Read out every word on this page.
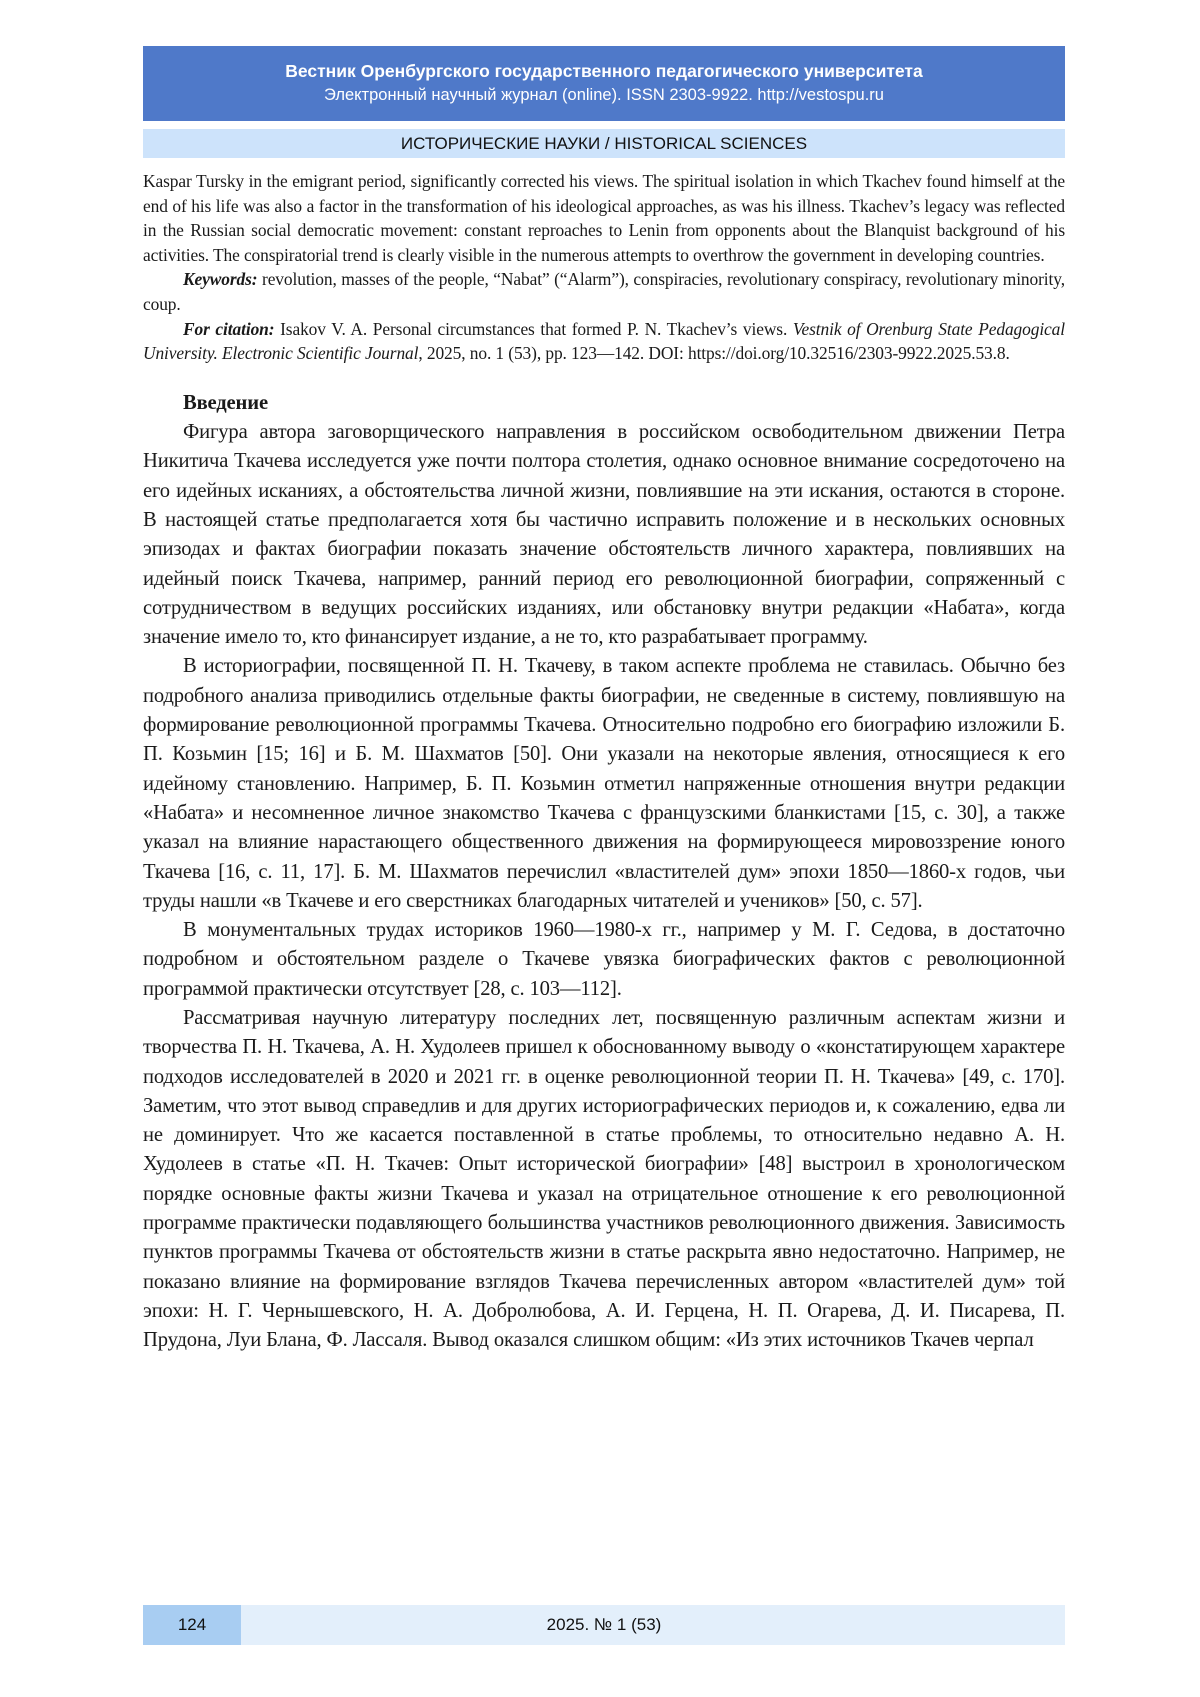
Вестник Оренбургского государственного педагогического университета
Электронный научный журнал (online). ISSN 2303-9922. http://vestospu.ru
ИСТОРИЧЕСКИЕ НАУКИ / HISTORICAL SCIENCES

Kaspar Tursky in the emigrant period, significantly corrected his views. The spiritual isolation in which Tkachev found himself at the end of his life was also a factor in the transformation of his ideological approaches, as was his illness. Tkachev’s legacy was reflected in the Russian social democratic movement: constant reproaches to Lenin from opponents about the Blanquist background of his activities. The conspiratorial trend is clearly visible in the numerous attempts to overthrow the government in developing countries.

Keywords: revolution, masses of the people, “Nabat” (“Alarm”), conspiracies, revolutionary conspiracy, revolutionary minority, coup.

For citation: Isakov V. A. Personal circumstances that formed P. N. Tkachev’s views. Vestnik of Orenburg State Pedagogical University. Electronic Scientific Journal, 2025, no. 1 (53), pp. 123—142. DOI: https://doi.org/10.32516/2303-9922.2025.53.8.

Введение

Фигура автора заговорщического направления в российском освободительном движении Петра Никитича Ткачева исследуется уже почти полтора столетия, однако основное внимание сосредоточено на его идейных исканиях, а обстоятельства личной жизни, повлиявшие на эти искания, остаются в стороне. В настоящей статье предполагается хотя бы частично исправить положение и в нескольких основных эпизодах и фактах биографии показать значение обстоятельств личного характера, повлиявших на идейный поиск Ткачева, например, ранний период его революционной биографии, сопряженный с сотрудничеством в ведущих российских изданиях, или обстановку внутри редакции «Набата», когда значение имело то, кто финансирует издание, а не то, кто разрабатывает программу.

В историографии, посвященной П. Н. Ткачеву, в таком аспекте проблема не ставилась. Обычно без подробного анализа приводились отдельные факты биографии, не сведенные в систему, повлиявшую на формирование революционной программы Ткачева. Относительно подробно его биографию изложили Б. П. Козьмин [15; 16] и Б. М. Шахматов [50]. Они указали на некоторые явления, относящиеся к его идейному становлению. Например, Б. П. Козьмин отметил напряженные отношения внутри редакции «Набата» и несомненное личное знакомство Ткачева с французскими бланкистами [15, с. 30], а также указал на влияние нарастающего общественного движения на формирующееся мировоззрение юного Ткачева [16, с. 11, 17]. Б. М. Шахматов перечислил «властителей дум» эпохи 1850—1860-х годов, чьи труды нашли «в Ткачеве и его сверстниках благодарных читателей и учеников» [50, с. 57].

В монументальных трудах историков 1960—1980-х гг., например у М. Г. Седова, в достаточно подробном и обстоятельном разделе о Ткачеве увязка биографических фактов с революционной программой практически отсутствует [28, с. 103—112].

Рассматривая научную литературу последних лет, посвященную различным аспектам жизни и творчества П. Н. Ткачева, А. Н. Худолеев пришел к обоснованному выводу о «констатирующем характере подходов исследователей в 2020 и 2021 гг. в оценке революционной теории П. Н. Ткачева» [49, с. 170]. Заметим, что этот вывод справедлив и для других историографических периодов и, к сожалению, едва ли не доминирует. Что же касается поставленной в статье проблемы, то относительно недавно А. Н. Худолеев в статье «П. Н. Ткачев: Опыт исторической биографии» [48] выстроил в хронологическом порядке основные факты жизни Ткачева и указал на отрицательное отношение к его революционной программе практически подавляющего большинства участников революционного движения. Зависимость пунктов программы Ткачева от обстоятельств жизни в статье раскрыта явно недостаточно. Например, не показано влияние на формирование взглядов Ткачева перечисленных автором «властителей дум» той эпохи: Н. Г. Чернышевского, Н. А. Добролюбова, А. И. Герцена, Н. П. Огарева, Д. И. Писарева, П. Прудона, Луи Блана, Ф. Лассаля. Вывод оказался слишком общим: «Из этих источников Ткачев черпал

124	2025. № 1 (53)
